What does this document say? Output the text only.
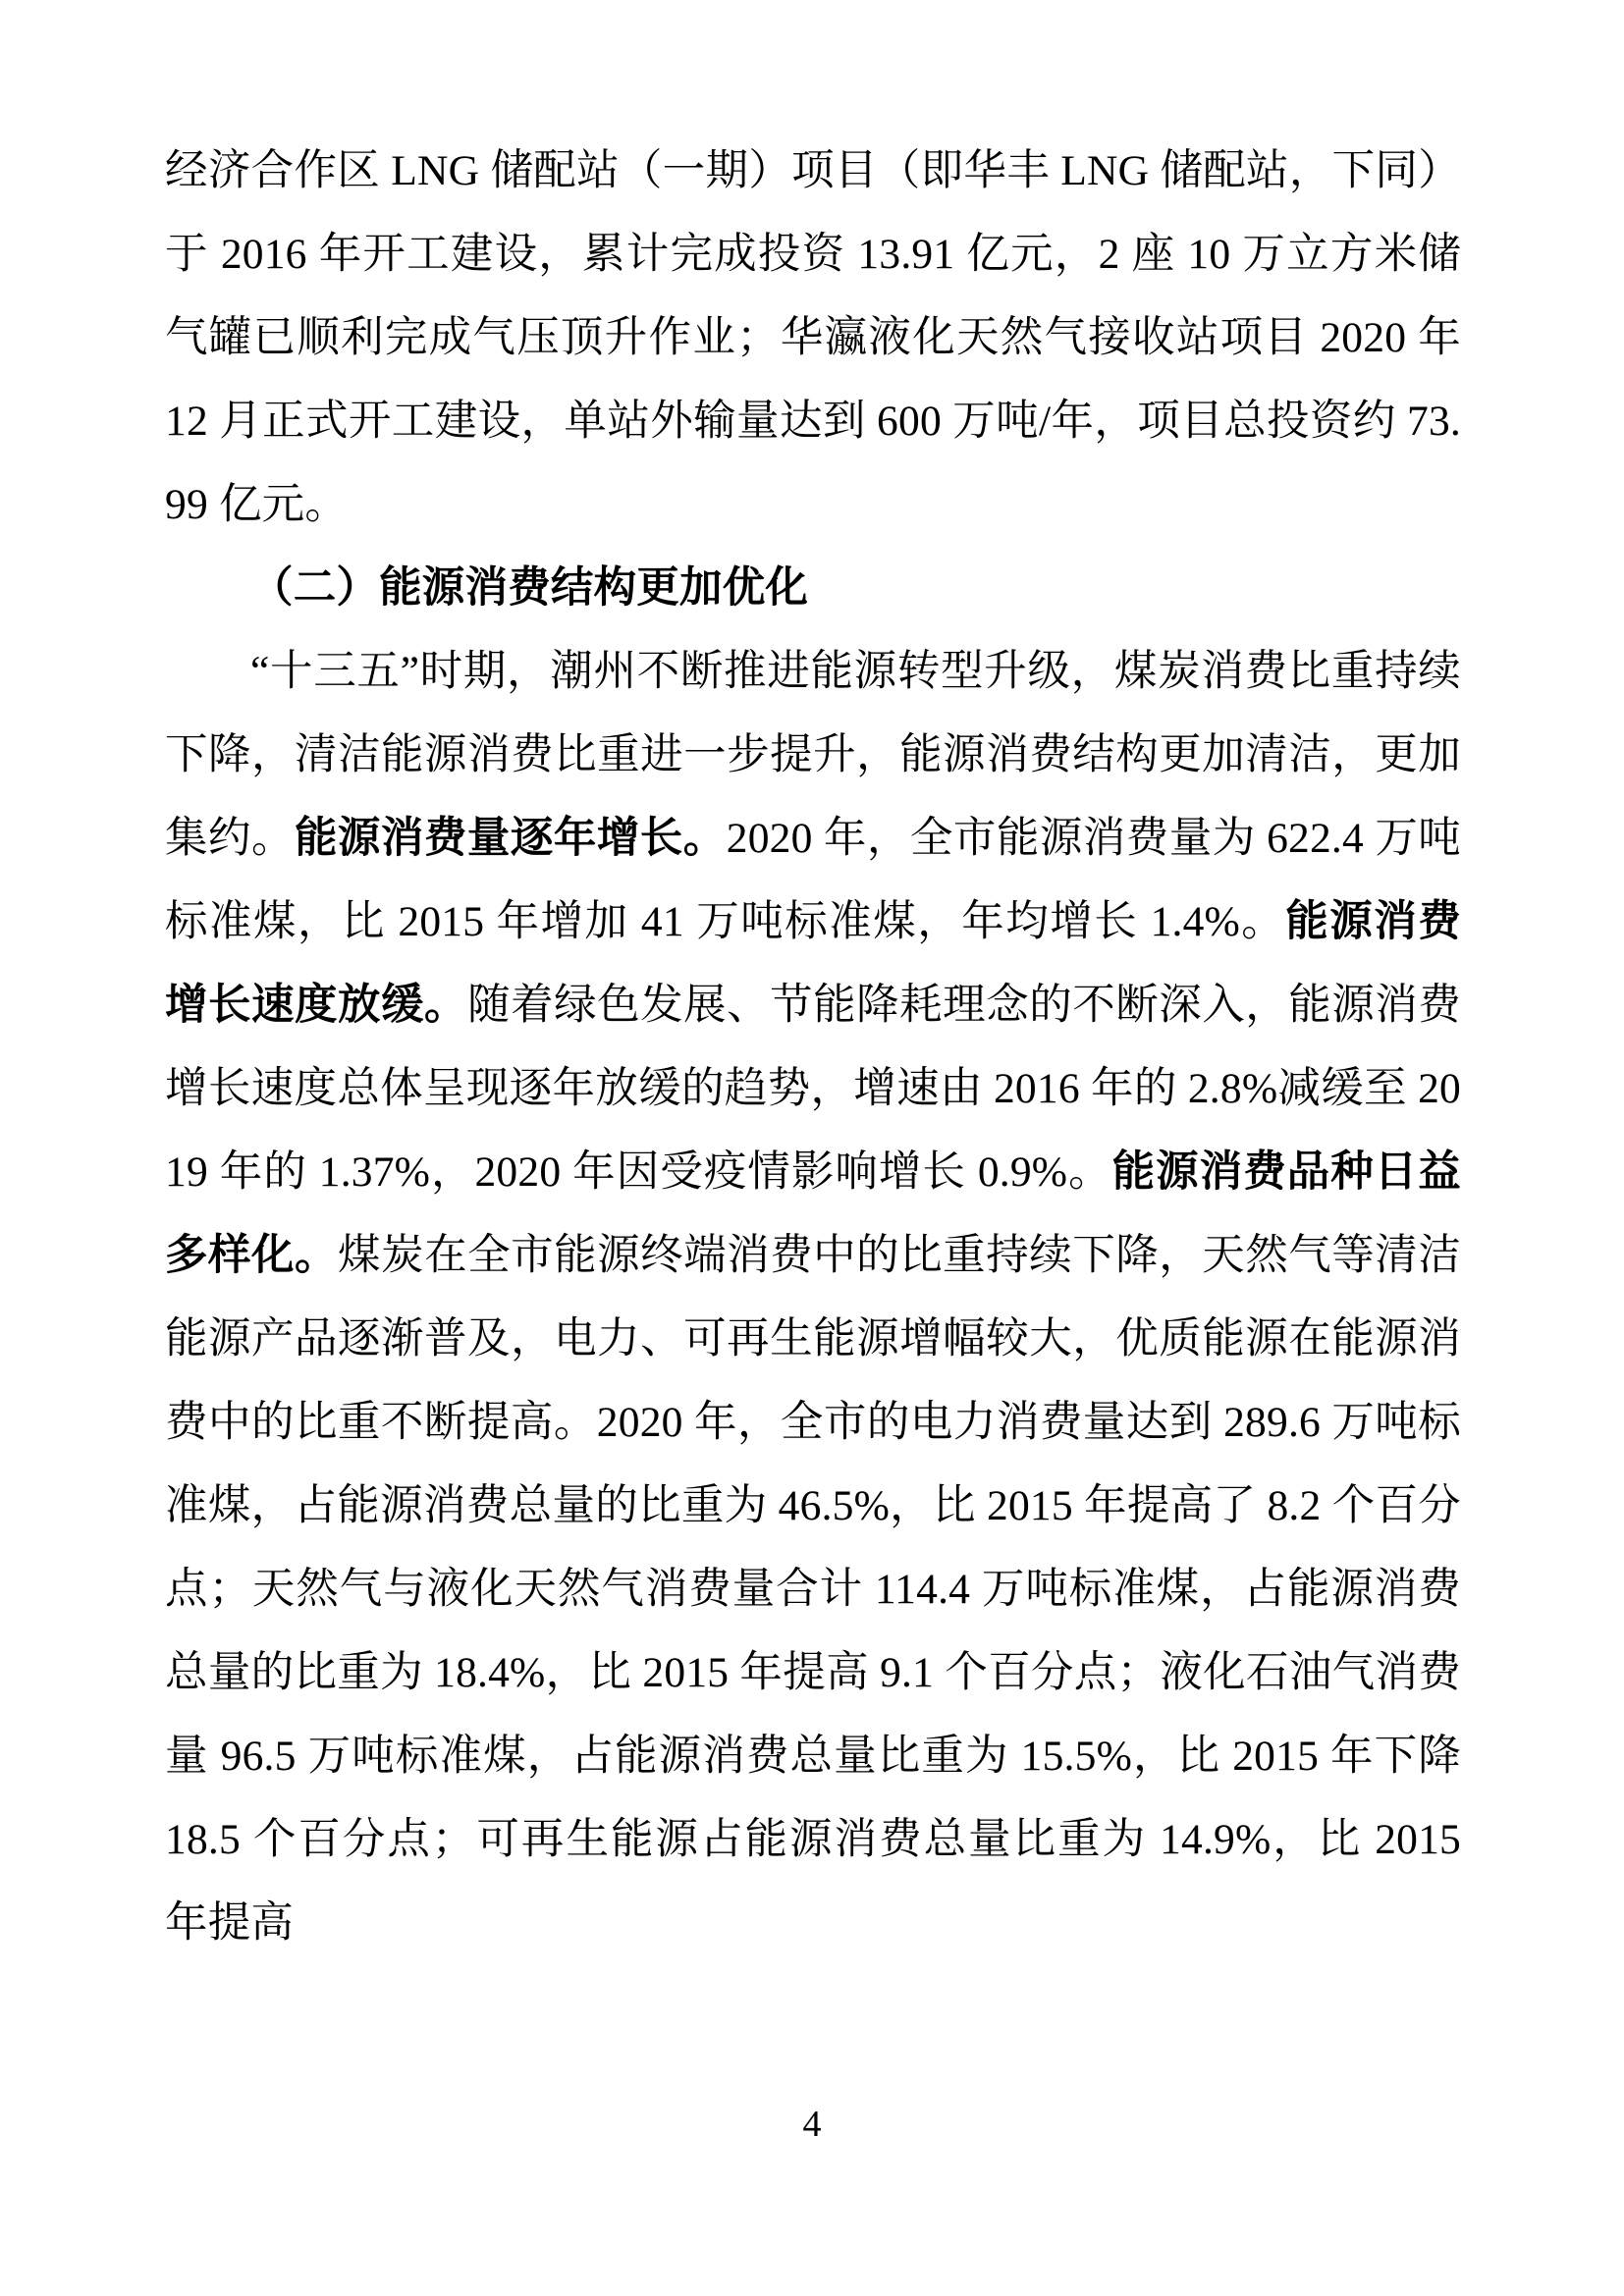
经济合作区 LNG 储配站（一期）项目（即华丰 LNG 储配站，下同）于 2016 年开工建设，累计完成投资 13.91 亿元，2 座 10 万立方米储气罐已顺利完成气压顶升作业；华瀛液化天然气接收站项目 2020 年 12 月正式开工建设，单站外输量达到 600 万吨/年，项目总投资约 73.99 亿元。

（二）能源消费结构更加优化

“十三五”时期，潮州不断推进能源转型升级，煤炭消费比重持续下降，清洁能源消费比重进一步提升，能源消费结构更加清洁，更加集约。能源消费量逐年增长。2020 年，全市能源消费量为 622.4 万吨标准煤，比 2015 年增加 41 万吨标准煤，年均增长 1.4%。能源消费增长速度放缓。随着绿色发展、节能降耗理念的不断深入，能源消费增长速度总体呈现逐年放缓的趋势，增速由 2016 年的 2.8%减缓至 2019 年的 1.37%，2020 年因受疫情影响增长 0.9%。能源消费品种日益多样化。煤炭在全市能源终端消费中的比重持续下降，天然气等清洁能源产品逐渐普及，电力、可再生能源增幅较大，优质能源在能源消费中的比重不断提高。2020 年，全市的电力消费量达到 289.6 万吨标准煤，占能源消费总量的比重为 46.5%，比 2015 年提高了 8.2 个百分点；天然气与液化天然气消费量合计 114.4 万吨标准煤，占能源消费总量的比重为 18.4%，比 2015 年提高 9.1 个百分点；液化石油气消费量 96.5 万吨标准煤，占能源消费总量比重为 15.5%，比 2015 年下降 18.5 个百分点；可再生能源占能源消费总量比重为 14.9%，比 2015 年提高

4
